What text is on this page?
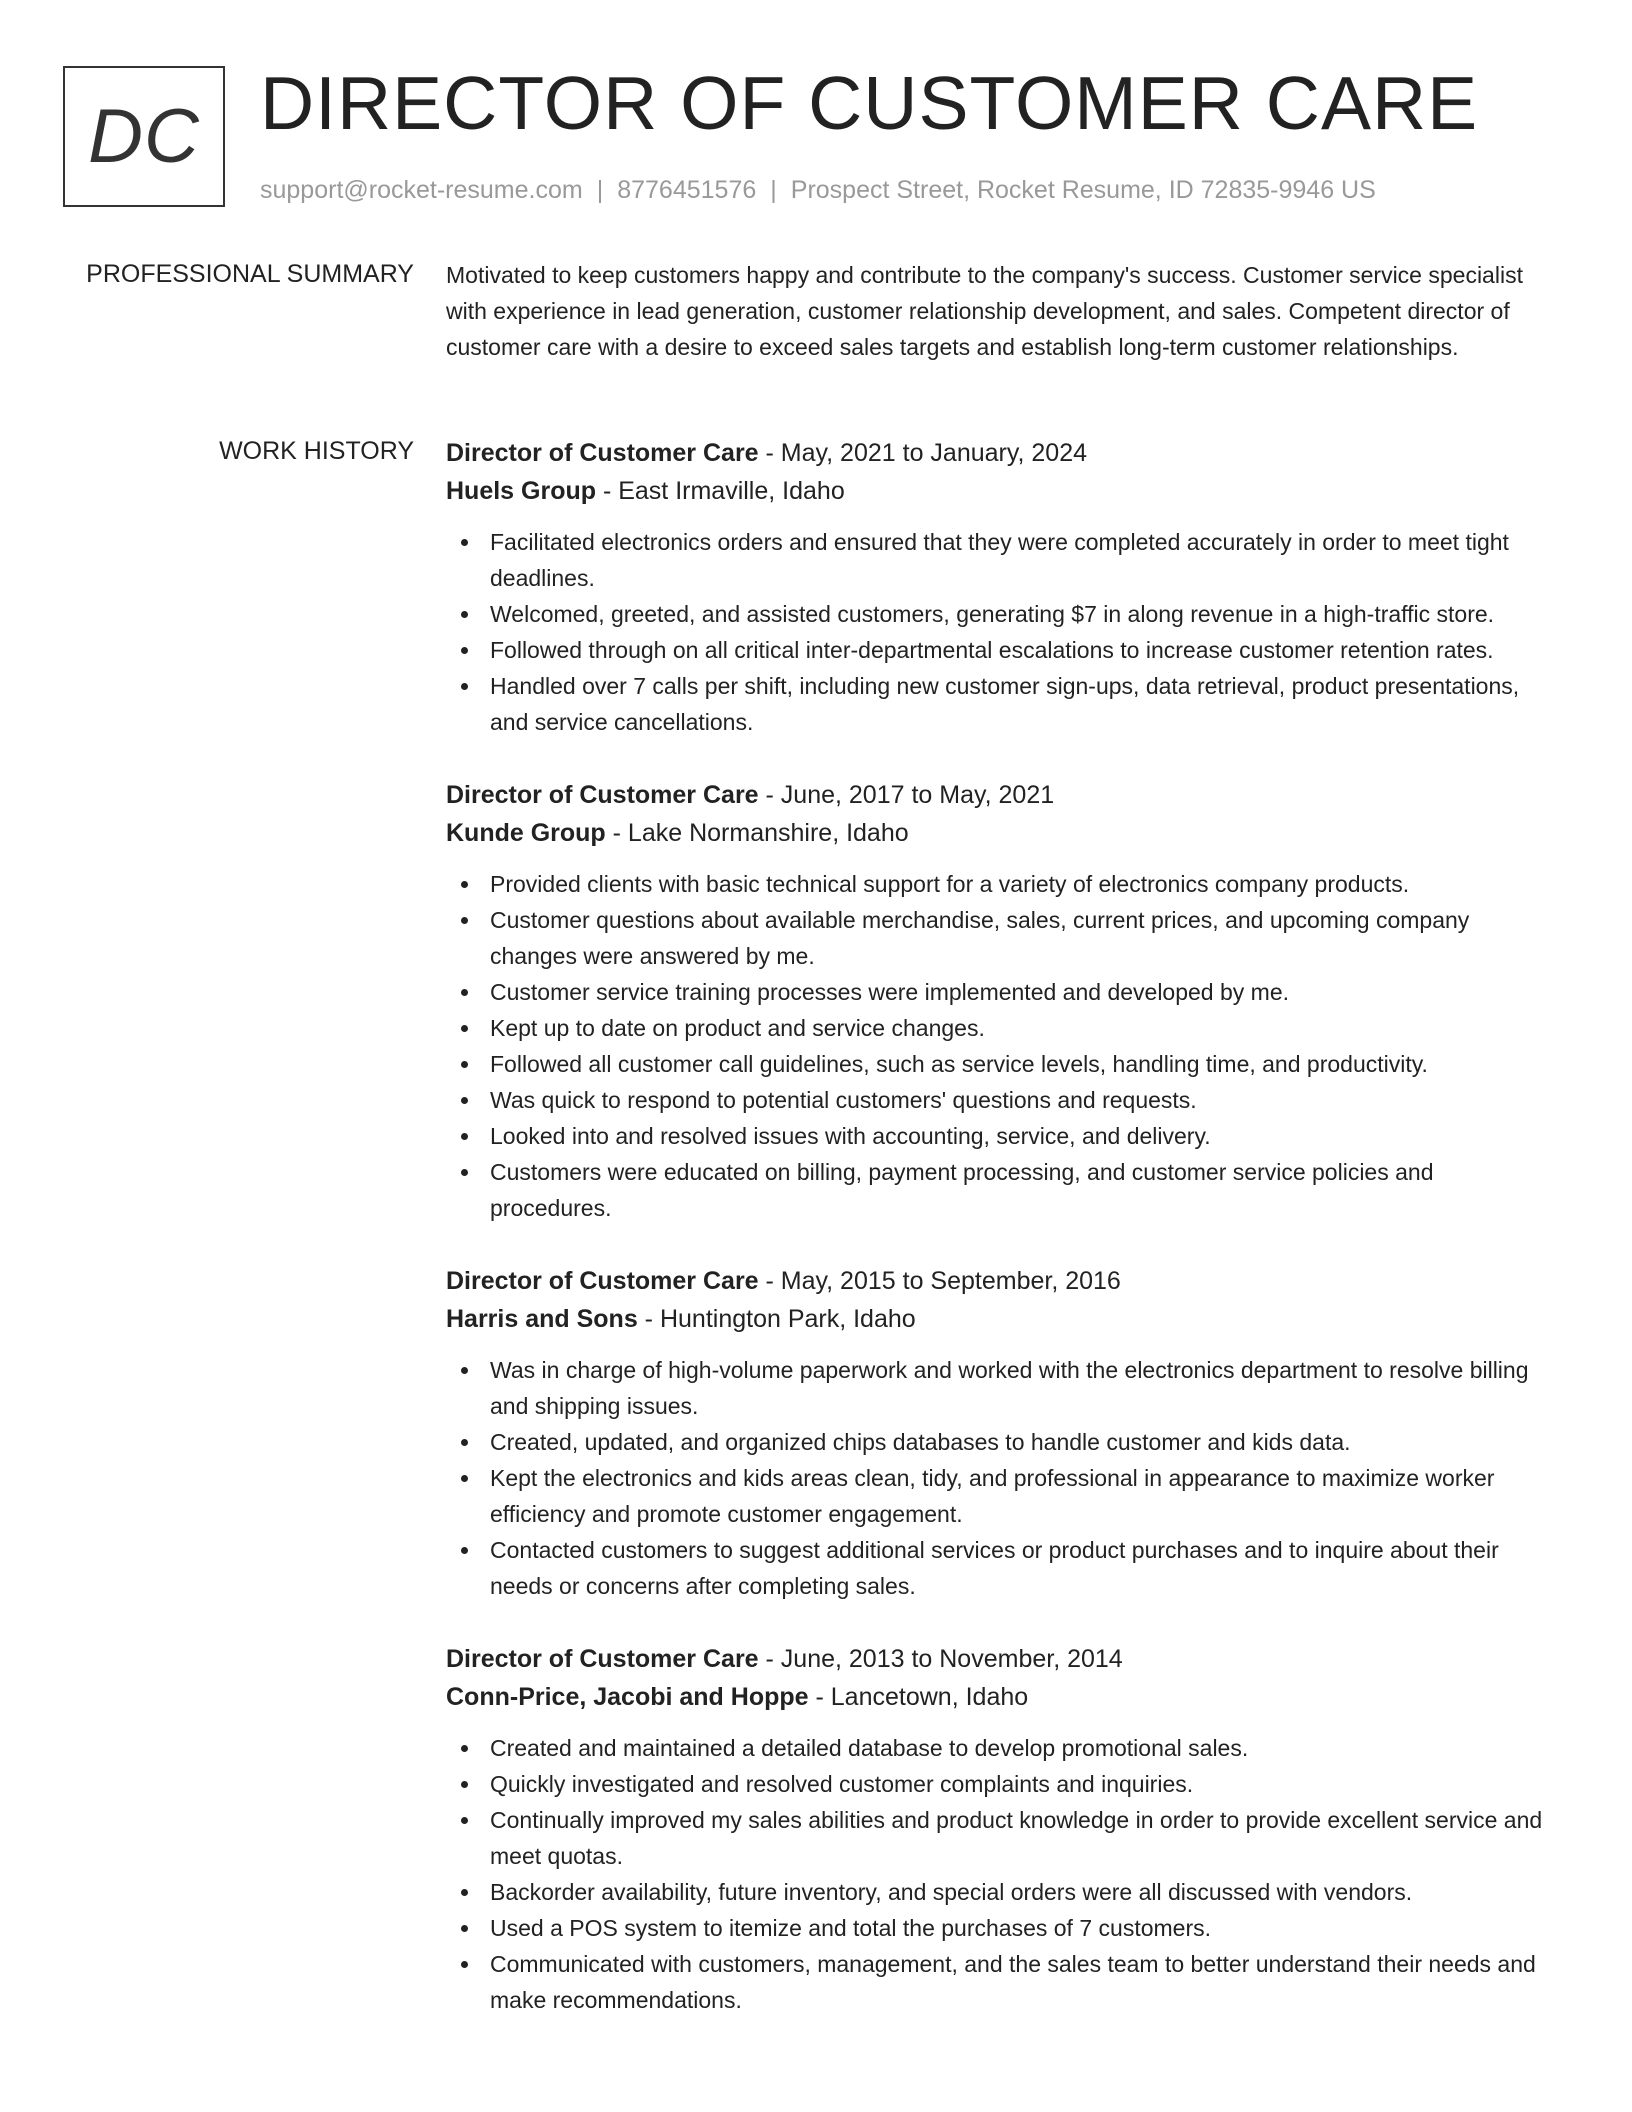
DC DIRECTOR OF CUSTOMER CARE
support@rocket-resume.com | 8776451576 | Prospect Street, Rocket Resume, ID 72835-9946 US
PROFESSIONAL SUMMARY Motivated to keep customers happy and contribute to the company's success. Customer service specialist with experience in lead generation, customer relationship development, and sales. Competent director of customer care with a desire to exceed sales targets and establish long-term customer relationships.

WORK HISTORY Director of Customer Care - May, 2021 to January, 2024
Huels Group - East Irmaville, Idaho
Facilitated electronics orders and ensured that they were completed accurately in order to meet tight deadlines.
Welcomed, greeted, and assisted customers, generating $7 in along revenue in a high-traffic store.
Followed through on all critical inter-departmental escalations to increase customer retention rates.
Handled over 7 calls per shift, including new customer sign-ups, data retrieval, product presentations, and service cancellations.
Director of Customer Care - June, 2017 to May, 2021
Kunde Group - Lake Normanshire, Idaho
Provided clients with basic technical support for a variety of electronics company products.
Customer questions about available merchandise, sales, current prices, and upcoming company changes were answered by me.
Customer service training processes were implemented and developed by me.
Kept up to date on product and service changes.
Followed all customer call guidelines, such as service levels, handling time, and productivity.
Was quick to respond to potential customers' questions and requests.
Looked into and resolved issues with accounting, service, and delivery.
Customers were educated on billing, payment processing, and customer service policies and procedures.
Director of Customer Care - May, 2015 to September, 2016
Harris and Sons - Huntington Park, Idaho
Was in charge of high-volume paperwork and worked with the electronics department to resolve billing and shipping issues.
Created, updated, and organized chips databases to handle customer and kids data.
Kept the electronics and kids areas clean, tidy, and professional in appearance to maximize worker efficiency and promote customer engagement.
Contacted customers to suggest additional services or product purchases and to inquire about their needs or concerns after completing sales.
Director of Customer Care - June, 2013 to November, 2014
Conn-Price, Jacobi and Hoppe - Lancetown, Idaho
Created and maintained a detailed database to develop promotional sales.
Quickly investigated and resolved customer complaints and inquiries.
Continually improved my sales abilities and product knowledge in order to provide excellent service and meet quotas.
Backorder availability, future inventory, and special orders were all discussed with vendors.
Used a POS system to itemize and total the purchases of 7 customers.
Communicated with customers, management, and the sales team to better understand their needs and make recommendations.
